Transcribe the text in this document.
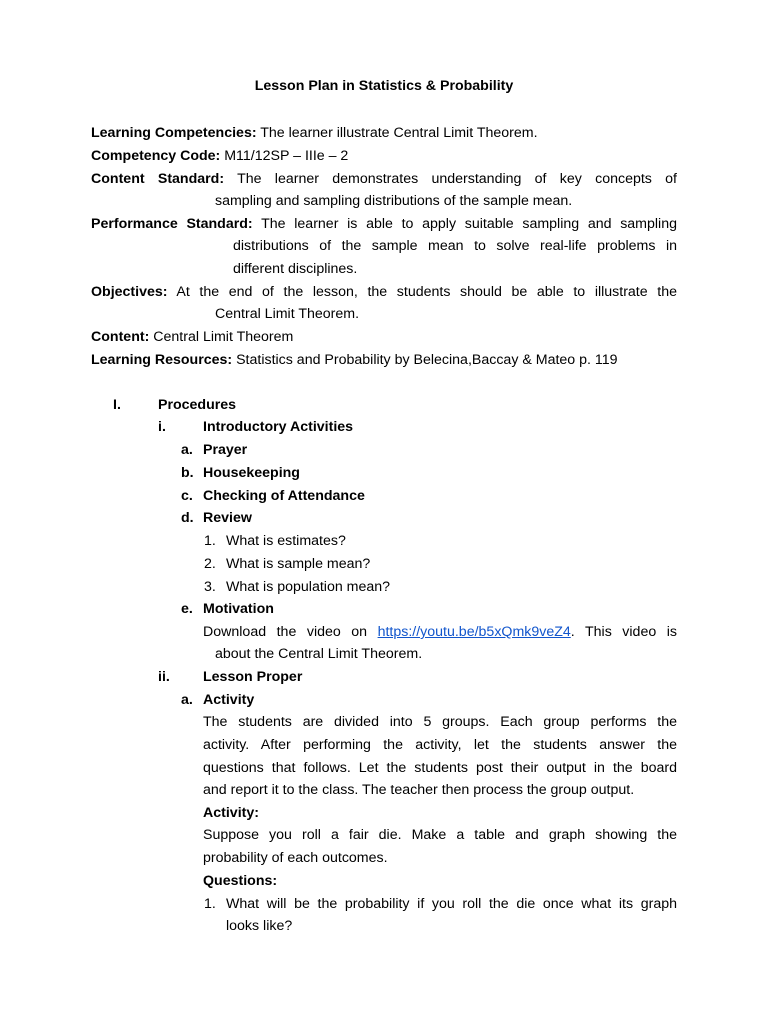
Lesson Plan in Statistics & Probability
Learning Competencies: The learner illustrate Central Limit Theorem.
Competency Code: M11/12SP – IIIe – 2
Content Standard: The learner demonstrates understanding of key concepts of
sampling and sampling distributions of the sample mean.
Performance Standard: The learner is able to apply suitable sampling and sampling
distributions of the sample mean to solve real-life problems in
different disciplines.
Objectives: At the end of the lesson, the students should be able to illustrate the
Central Limit Theorem.
Content: Central Limit Theorem
Learning Resources: Statistics and Probability by Belecina,Baccay & Mateo p. 119
I.	Procedures
i.	Introductory Activities
a. Prayer
b. Housekeeping
c. Checking of Attendance
d. Review
1. What is estimates?
2. What is sample mean?
3. What is population mean?
e. Motivation
Download the video on https://youtu.be/b5xQmk9veZ4. This video is
about the Central Limit Theorem.
ii. Lesson Proper
a. Activity
The students are divided into 5 groups. Each group performs the
activity. After performing the activity, let the students answer the
questions that follows. Let the students post their output in the board
and report it to the class. The teacher then process the group output.
Activity:
Suppose you roll a fair die. Make a table and graph showing the
probability of each outcomes.
Questions:
1. What will be the probability if you roll the die once what its graph
looks like?
